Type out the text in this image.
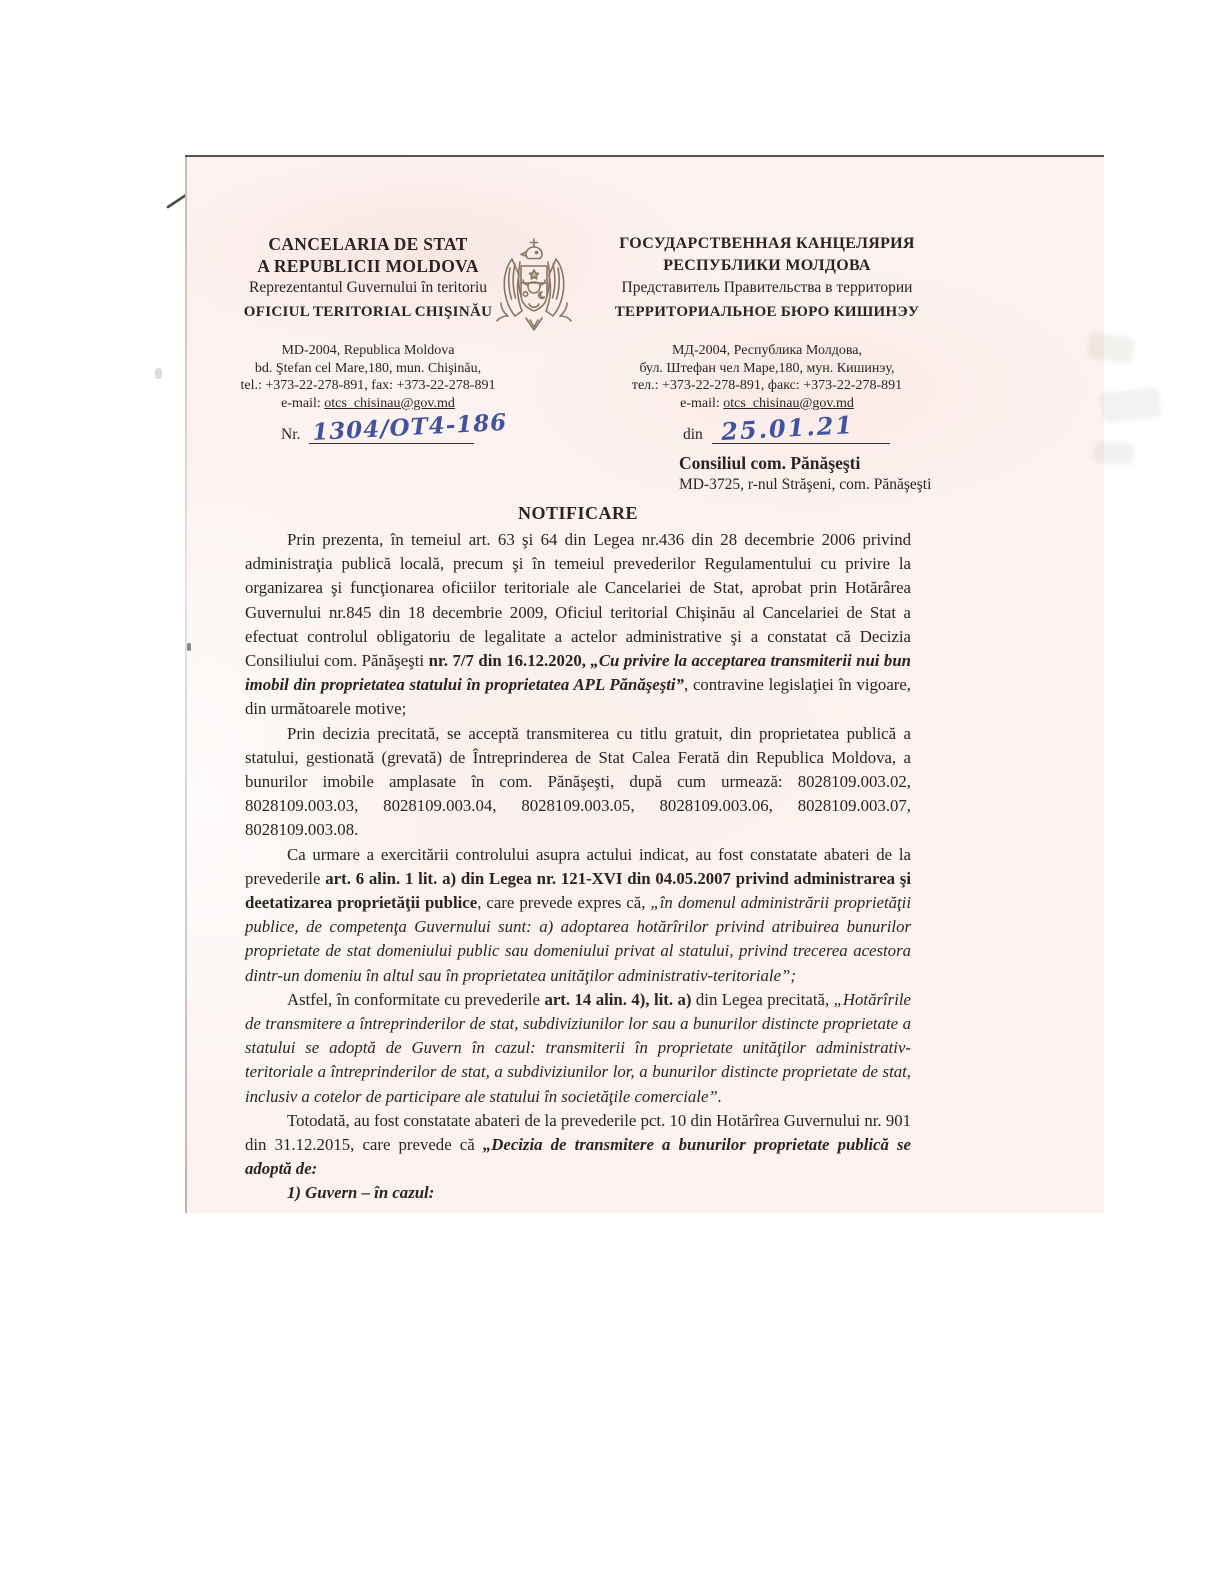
CANCELARIA DE STAT
A REPUBLICII MOLDOVA
Reprezentantul Guvernului în teritoriu
OFICIUL TERITORIAL CHIŞINĂU
ГОСУДАРСТВЕННАЯ КАНЦЕЛЯРИЯ
РЕСПУБЛИКИ МОЛДОВА
Представитель Правительства в территории
ТЕРРИТОРИАЛЬНОЕ БЮРО КИШИНЭУ
MD-2004, Republica Moldova
bd. Ştefan cel Mare,180, mun. Chişinău,
tel.: +373-22-278-891, fax: +373-22-278-891
e-mail: otcs_chisinau@gov.md
МД-2004, Республика Молдова,
бул. Штефан чел Маре,180, мун. Кишинэу,
тел.: +373-22-278-891, факс: +373-22-278-891
e-mail: otcs_chisinau@gov.md
Nr. 1304/OT4-186	din 25.01.21
Consiliul com. Pănăşeşti
MD-3725, r-nul Străşeni, com. Pănăşeşti
NOTIFICARE

Prin prezenta, în temeiul art. 63 şi 64 din Legea nr.436 din 28 decembrie 2006 privind administraţia publică locală, precum şi în temeiul prevederilor Regulamentului cu privire la organizarea şi funcţionarea oficiilor teritoriale ale Cancelariei de Stat, aprobat prin Hotărârea Guvernului nr.845 din 18 decembrie 2009, Oficiul teritorial Chişinău al Cancelariei de Stat a efectuat controlul obligatoriu de legalitate a actelor administrative şi a constatat că Decizia Consiliului com. Pănăşeşti nr. 7/7 din 16.12.2020, „Cu privire la acceptarea transmiterii nui bun imobil din proprietatea statului în proprietatea APL Pănăşeşti”, contravine legislaţiei în vigoare, din următoarele motive;

Prin decizia precitată, se acceptă transmiterea cu titlu gratuit, din proprietatea publică a statului, gestionată (grevată) de Întreprinderea de Stat Calea Ferată din Republica Moldova, a bunurilor imobile amplasate în com. Pănăşeşti, după cum urmează: 8028109.003.02, 8028109.003.03, 8028109.003.04, 8028109.003.05, 8028109.003.06, 8028109.003.07, 8028109.003.08.

Ca urmare a exercitării controlului asupra actului indicat, au fost constatate abateri de la prevederile art. 6 alin. 1 lit. a) din Legea nr. 121-XVI din 04.05.2007 privind administrarea şi deetatizarea proprietăţii publice, care prevede expres că, „în domenul administrării proprietăţii publice, de competenţa Guvernului sunt: a) adoptarea hotărîrilor privind atribuirea bunurilor proprietate de stat domeniului public sau domeniului privat al statului, privind trecerea acestora dintr-un domeniu în altul sau în proprietatea unităţilor administrativ-teritoriale”;

Astfel, în conformitate cu prevederile art. 14 alin. 4), lit. a) din Legea precitată, „Hotărîrile de transmitere a întreprinderilor de stat, subdiviziunilor lor sau a bunurilor distincte proprietate a statului se adoptă de Guvern în cazul: transmiterii în proprietate unităţilor administrativ-teritoriale a întreprinderilor de stat, a subdiviziunilor lor, a bunurilor distincte proprietate de stat, inclusiv a cotelor de participare ale statului în societăţile comerciale”.

Totodată, au fost constatate abateri de la prevederile pct. 10 din Hotărîrea Guvernului nr. 901 din 31.12.2015, care prevede că „Decizia de transmitere a bunurilor proprietate publică se adoptă de:

1) Guvern – în cazul:
